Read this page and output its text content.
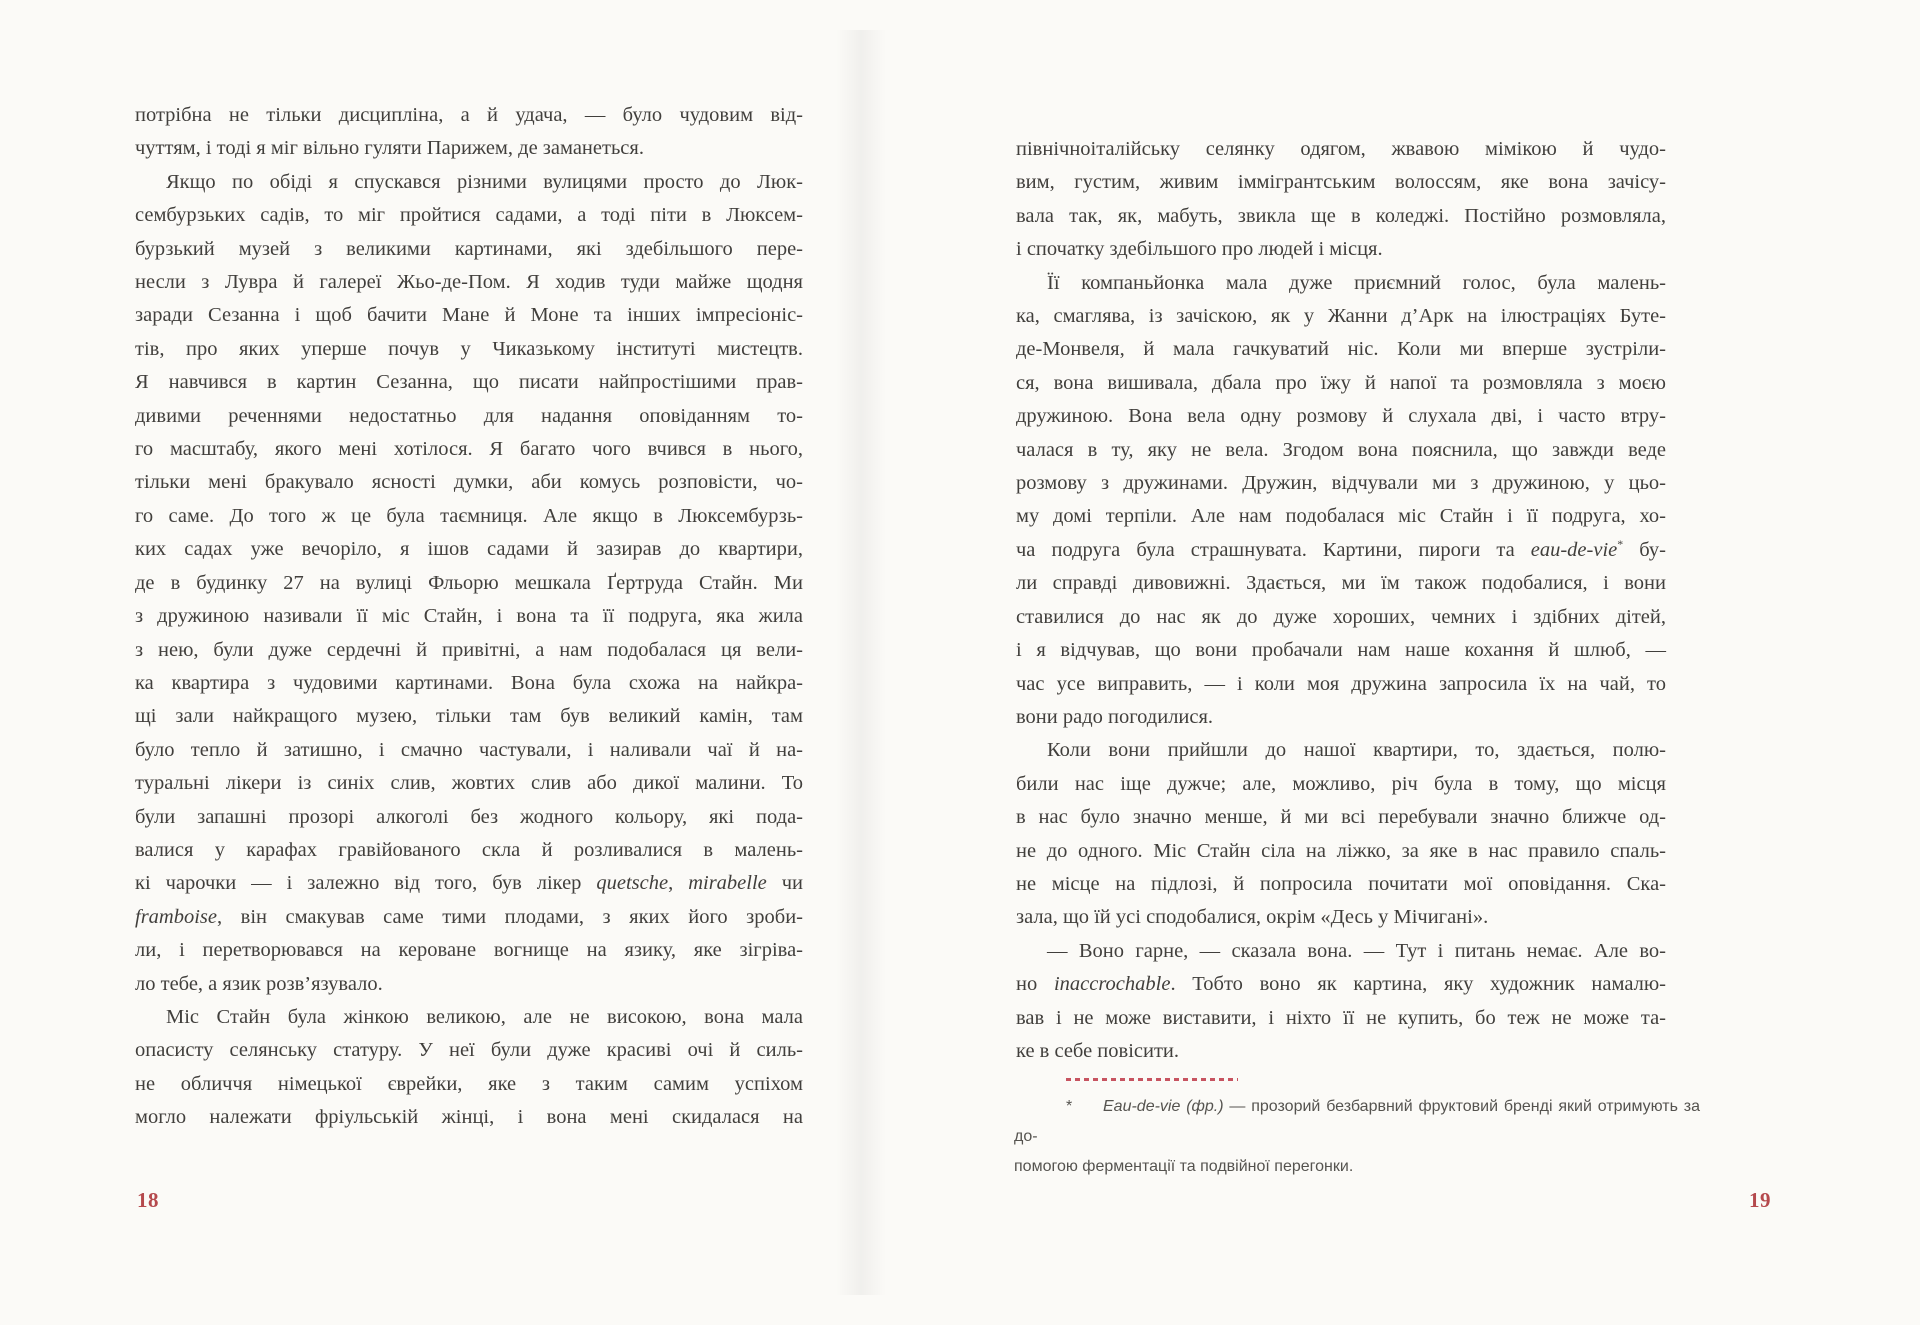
потрібна не тільки дисципліна, а й удача, — було чудовим від-
чуттям, і тоді я міг вільно гуляти Парижем, де заманеться.
Якщо по обіді я спускався різними вулицями просто до Люк-
сембурзьких садів, то міг пройтися садами, а тоді піти в Люксем-
бурзький музей з великими картинами, які здебільшого пере-
несли з Лувра й галереї Жьо-де-Пом. Я ходив туди майже щодня
заради Сезанна і щоб бачити Мане й Моне та інших імпресіоніс-
тів, про яких уперше почув у Чиказькому інституті мистецтв.
Я навчився в картин Сезанна, що писати найпростішими прав-
дивими реченнями недостатньо для надання оповіданням то-
го масштабу, якого мені хотілося. Я багато чого вчився в нього,
тільки мені бракувало ясності думки, аби комусь розповісти, чо-
го саме. До того ж це була таємниця. Але якщо в Люксембурзь-
ких садах уже вечоріло, я ішов садами й зазирав до квартири,
де в будинку 27 на вулиці Фльорю мешкала Ґертруда Стайн. Ми
з дружиною називали її міс Стайн, і вона та її подруга, яка жила
з нею, були дуже сердечні й привітні, а нам подобалася ця вели-
ка квартира з чудовими картинами. Вона була схожа на найкра-
щі зали найкращого музею, тільки там був великий камін, там
було тепло й затишно, і смачно частували, і наливали чаї й на-
туральні лікери із синіх слив, жовтих слив або дикої малини. То
були запашні прозорі алкоголі без жодного кольору, які пода-
валися у карафах гравійованого скла й розливалися в малень-
кі чарочки — і залежно від того, був лікер quetsche, mirabelle чи
framboise, він смакував саме тими плодами, з яких його зроби-
ли, і перетворювався на кероване вогнище на язику, яке зігріва-
ло тебе, а язик розв’язувало.
Міс Стайн була жінкою великою, але не високою, вона мала
опасисту селянську статуру. У неї були дуже красиві очі й силь-
не обличчя німецької єврейки, яке з таким самим успіхом
могло належати фріульській жінці, і вона мені скидалася на
північноіталійську селянку одягом, жвавою мімікою й чудо-
вим, густим, живим іммігрантським волоссям, яке вона зачісу-
вала так, як, мабуть, звикла ще в коледжі. Постійно розмовляла,
і спочатку здебільшого про людей і місця.
Її компаньйонка мала дуже приємний голос, була малень-
ка, смаглява, із зачіскою, як у Жанни д’Арк на ілюстраціях Буте-
де-Монвеля, й мала гачкуватий ніс. Коли ми вперше зустріли-
ся, вона вишивала, дбала про їжу й напої та розмовляла з моєю
дружиною. Вона вела одну розмову й слухала дві, і часто втру-
чалася в ту, яку не вела. Згодом вона пояснила, що завжди веде
розмову з дружинами. Дружин, відчували ми з дружиною, у цьо-
му домі терпіли. Але нам подобалася міс Стайн і її подруга, хо-
ча подруга була страшнувата. Картини, пироги та eau-de-vie* бу-
ли справді дивовижні. Здається, ми їм також подобалися, і вони
ставилися до нас як до дуже хороших, чемних і здібних дітей,
і я відчував, що вони пробачали нам наше кохання й шлюб, —
час усе виправить, — і коли моя дружина запросила їх на чай, то
вони радо погодилися.
Коли вони прийшли до нашої квартири, то, здається, полю-
били нас іще дужче; але, можливо, річ була в тому, що місця
в нас було значно менше, й ми всі перебували значно ближче од-
не до одного. Міс Стайн сіла на ліжко, за яке в нас правило спаль-
не місце на підлозі, й попросила почитати мої оповідання. Ска-
зала, що їй усі сподобалися, окрім «Десь у Мічигані».
— Воно гарне, — сказала вона. — Тут і питань немає. Але во-
но inaccrochable. Тобто воно як картина, яку художник намалю-
вав і не може виставити, і ніхто її не купить, бо теж не може та-
ке в себе повісити.
* Eau-de-vie (фр.) — прозорий безбарвний фруктовий бренді який отримують за до-
помогою ферментації та подвійної перегонки.
18	19
